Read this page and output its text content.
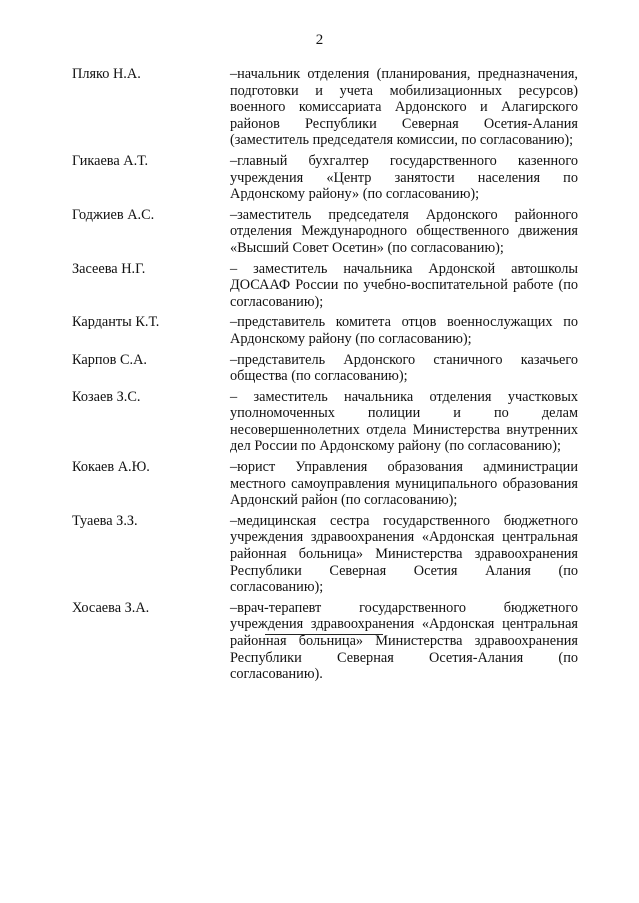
2
Пляко Н.А.	–начальник отделения (планирования, предназначения, подготовки и учета мобилизационных ресурсов) военного комиссариата Ардонского и Алагирского районов Республики Северная Осетия-Алания (заместитель председателя комиссии, по согласованию);
Гикаева А.Т.	–главный бухгалтер государственного казенного учреждения «Центр занятости населения по Ардонскому району» (по согласованию);
Годжиев А.С.	–заместитель председателя Ардонского районного отделения Международного общественного движения «Высший Совет Осетин» (по согласованию);
Засеева Н.Г.	– заместитель начальника Ардонской автошколы ДОСААФ России по учебно-воспитательной работе (по согласованию);
Карданты К.Т.	–представитель комитета отцов военнослужащих по Ардонскому району (по согласованию);
Карпов С.А.	–представитель Ардонского станичного казачьего общества (по согласованию);
Козаев З.С.	– заместитель начальника отделения участковых уполномоченных полиции и по делам несовершеннолетних отдела Министерства внутренних дел России по Ардонскому району (по согласованию);
Кокаев А.Ю.	–юрист Управления образования администрации местного самоуправления муниципального образования Ардонский район (по согласованию);
Туаева З.З.	–медицинская сестра государственного бюджетного учреждения здравоохранения «Ардонская центральная районная больница» Министерства здравоохранения Республики Северная Осетия Алания (по согласованию);
Хосаева З.А.	–врач-терапевт государственного бюджетного учреждения здравоохранения «Ардонская центральная районная больница» Министерства здравоохранения Республики Северная Осетия-Алания (по согласованию).
